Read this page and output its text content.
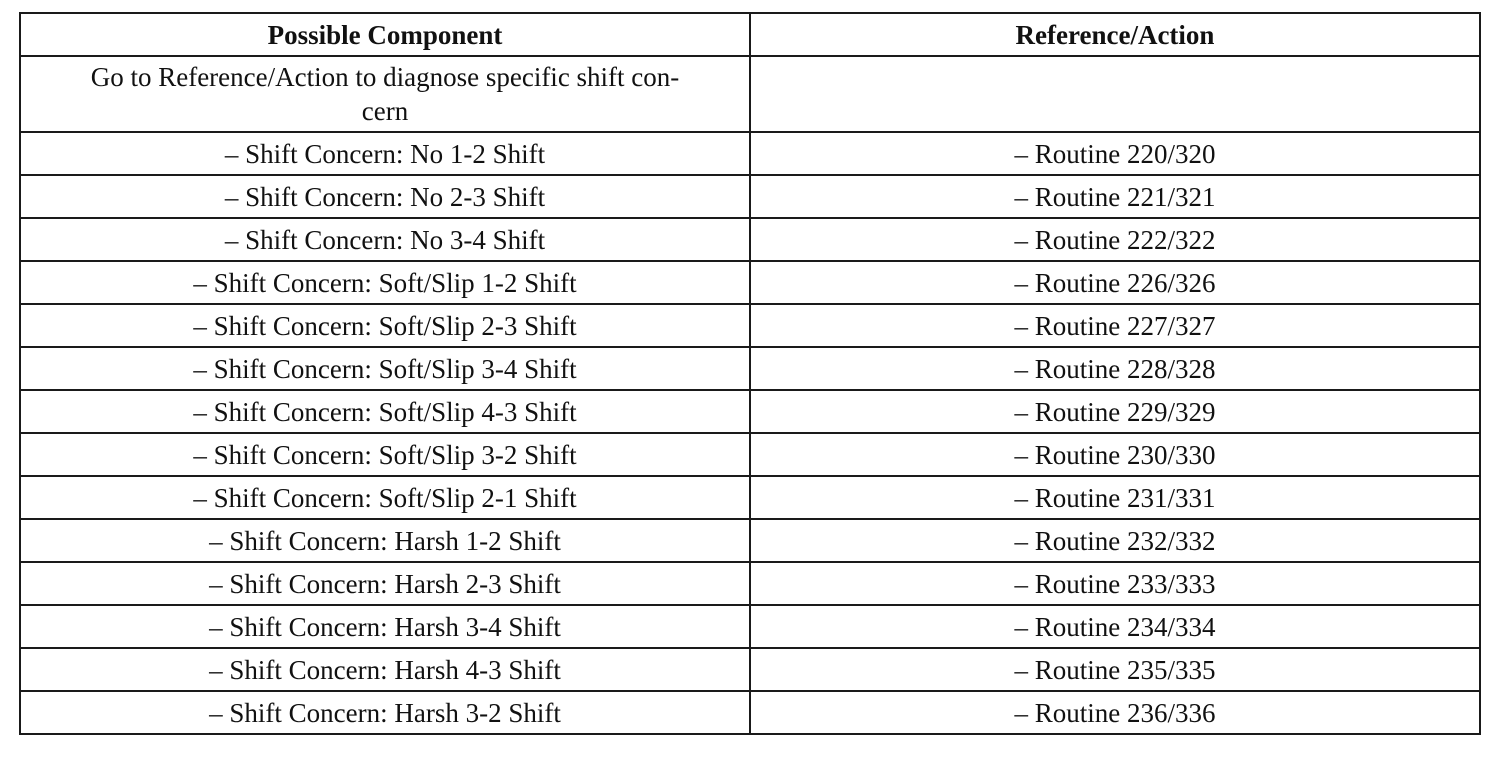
Possible Component	Reference/Action
Go to Reference/Action to diagnose specific shift con-
cern	
– Shift Concern: No 1-2 Shift	– Routine 220/320
– Shift Concern: No 2-3 Shift	– Routine 221/321
– Shift Concern: No 3-4 Shift	– Routine 222/322
– Shift Concern: Soft/Slip 1-2 Shift	– Routine 226/326
– Shift Concern: Soft/Slip 2-3 Shift	– Routine 227/327
– Shift Concern: Soft/Slip 3-4 Shift	– Routine 228/328
– Shift Concern: Soft/Slip 4-3 Shift	– Routine 229/329
– Shift Concern: Soft/Slip 3-2 Shift	– Routine 230/330
– Shift Concern: Soft/Slip 2-1 Shift	– Routine 231/331
– Shift Concern: Harsh 1-2 Shift	– Routine 232/332
– Shift Concern: Harsh 2-3 Shift	– Routine 233/333
– Shift Concern: Harsh 3-4 Shift	– Routine 234/334
– Shift Concern: Harsh 4-3 Shift	– Routine 235/335
– Shift Concern: Harsh 3-2 Shift	– Routine 236/336
